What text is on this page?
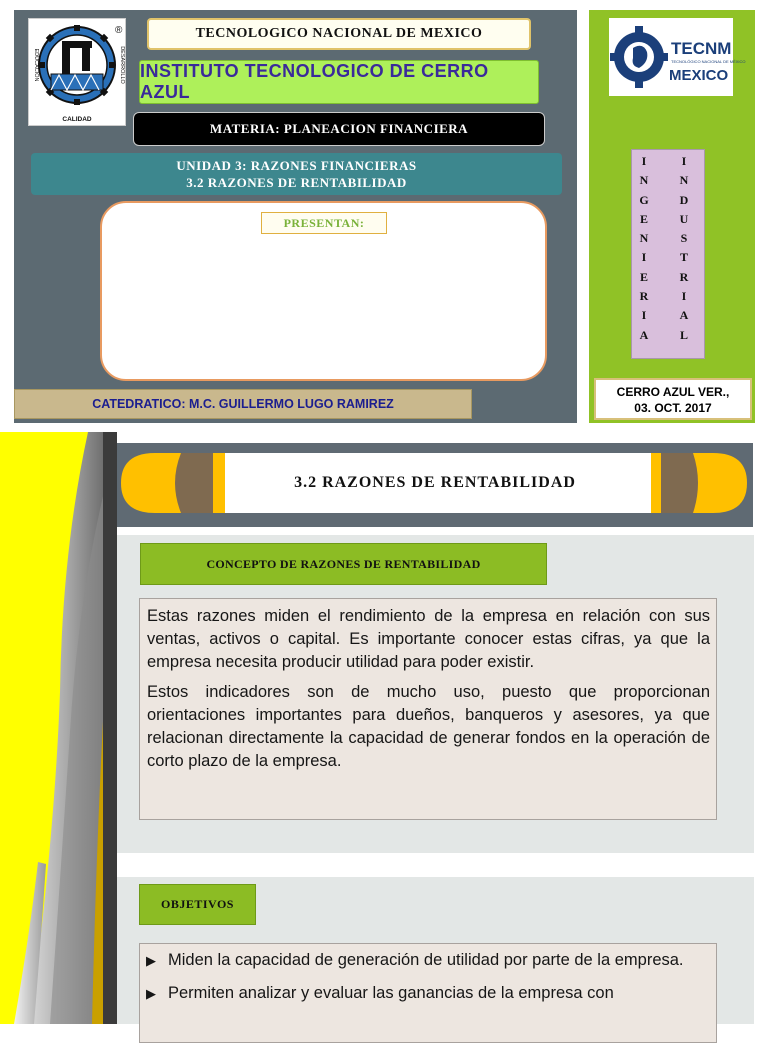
®
EDUCACION	DESARROLLO
CALIDAD
TECNOLOGICO NACIONAL DE MEXICO
INSTITUTO TECNOLOGICO DE CERRO AZUL
MATERIA: PLANEACION FINANCIERA
UNIDAD 3: RAZONES FINANCIERAS
3.2 RAZONES DE RENTABILIDAD
PRESENTAN:
CATEDRATICO: M.C. GUILLERMO LUGO RAMIREZ
TECNM
TECNOLÓGICO NACIONAL DE MÉXICO
MEXICO
I
N
G
E
N
I
E
R
I
A
I
N
D
U
S
T
R
I
A
L
CERRO AZUL VER.,
03. OCT. 2017
3.2 RAZONES DE RENTABILIDAD
CONCEPTO DE RAZONES DE RENTABILIDAD

Estas razones miden el rendimiento de la empresa en relación con sus ventas, activos o capital. Es importante conocer estas cifras, ya que la empresa necesita producir utilidad para poder existir.

Estos indicadores son de mucho uso, puesto que proporcionan orientaciones importantes para dueños, banqueros y asesores, ya que relacionan directamente la capacidad de generar fondos en la operación de corto plazo de la empresa.

OBJETIVOS
▶ Miden la capacidad de generación de utilidad por parte de la empresa.
▶ Permiten analizar y evaluar las ganancias de la empresa con
